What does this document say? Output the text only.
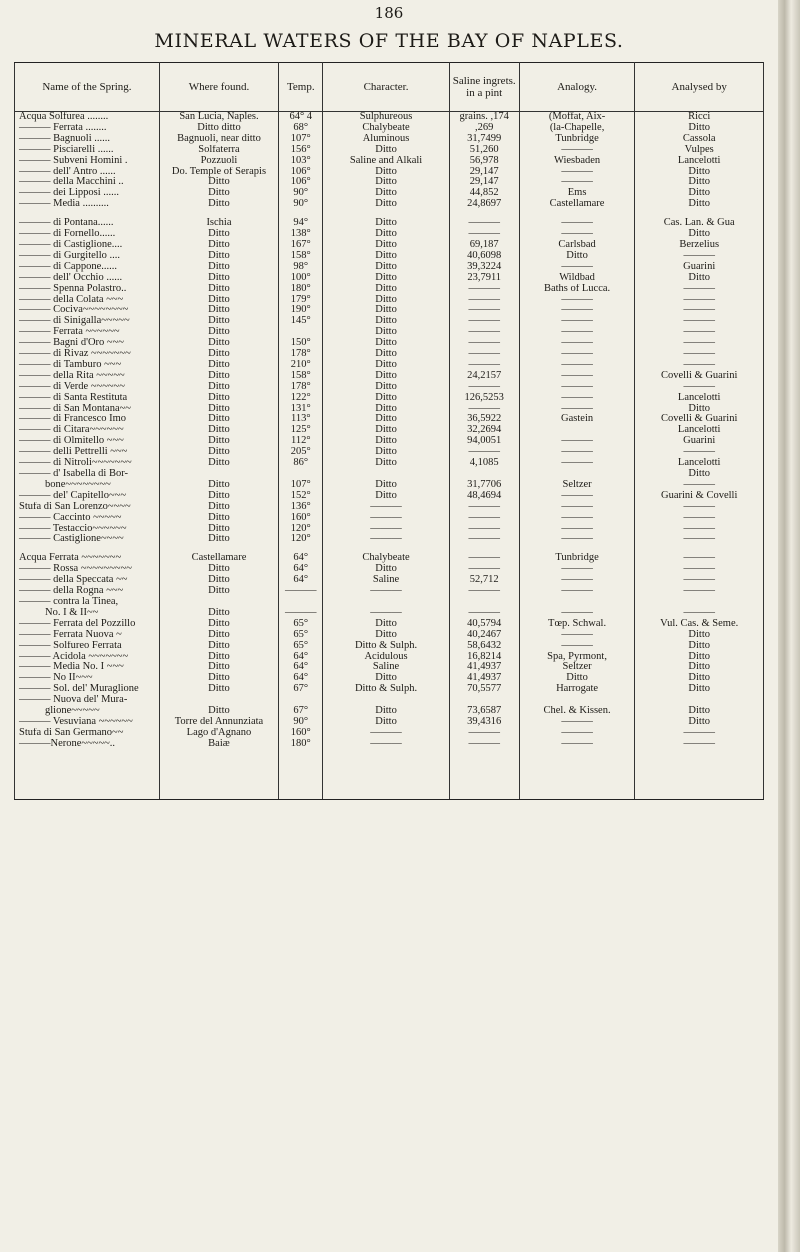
186
MINERAL WATERS OF THE BAY OF NAPLES.
Name of the Spring.	Where found.	Temp.	Character.	Saline ingrets. in a pint	Analogy.	Analysed by
Acqua Solfurea ........	San Lucia, Naples.	64° 4	Sulphureous	grains. ,174	(Moffat, Aix-	Ricci
——— Ferrata ........	Ditto ditto	68°	Chalybeate	,269	(la-Chapelle,	Ditto
——— Bagnuoli ......	Bagnuoli, near ditto	107°	Aluminous	31,7499	Tunbridge	Cassola
——— Pisciarelli ......	Solfaterra	156°	Ditto	51,260	———	Vulpes
——— Subveni Homini .	Pozzuoli	103°	Saline and Alkali	56,978	Wiesbaden	Lancelotti
——— dell' Antro ......	Do. Temple of Serapis	106°	Ditto	29,147	———	Ditto
——— della Macchini ..	Ditto	106°	Ditto	29,147	———	Ditto
——— dei Lipposi ......	Ditto	90°	Ditto	44,852	Ems	Ditto
——— Media ..........	Ditto	90°	Ditto	24,8697	Castellamare	Ditto

——— di Pontana......	Ischia	94°	Ditto	———	———	Cas. Lan. & Gua
——— di Fornello......	Ditto	138°	Ditto	———	———	Ditto
——— di Castiglione....	Ditto	167°	Ditto	69,187	Carlsbad	Berzelius
——— di Gurgitello ....	Ditto	158°	Ditto	40,6098	Ditto	———
——— di Cappone......	Ditto	98°	Ditto	39,3224	———	Guarini
——— dell' Occhio ......	Ditto	100°	Ditto	23,7911	Wildbad	Ditto
——— Spenna Polastro..	Ditto	180°	Ditto	———	Baths of Lucca.	———
——— della Colata ~~~	Ditto	179°	Ditto	———	———	———
——— Cociva~~~~~~~~	Ditto	190°	Ditto	———	———	———
——— di Sinigalla~~~~~	Ditto	145°	Ditto	———	———	———
——— Ferrata ~~~~~~	Ditto		Ditto	———	———	———
——— Bagni d'Oro ~~~	Ditto	150°	Ditto	———	———	———
——— di Rivaz ~~~~~~~	Ditto	178°	Ditto	———	———	———
——— di Tamburo ~~~	Ditto	210°	Ditto	———	———	———
——— della Rita ~~~~~	Ditto	158°	Ditto	24,2157	———	Covelli & Guarini
——— di Verde ~~~~~~	Ditto	178°	Ditto	———	———	———
——— di Santa Restituta	Ditto	122°	Ditto	126,5253	———	Lancelotti
——— di San Montana~~	Ditto	131°	Ditto	———	———	Ditto
——— di Francesco Imo	Ditto	113°	Ditto	36,5922	Gastein	Covelli & Guarini
——— di Citara~~~~~~	Ditto	125°	Ditto	32,2694		Lancelotti
——— di Olmitello ~~~	Ditto	112°	Ditto	94,0051	———	Guarini
——— delli Pettrelli ~~~	Ditto	205°	Ditto	———	———	———
——— di Nitroli~~~~~~~	Ditto	86°	Ditto	4,1085	———	Lancelotti
——— d' Isabella di Bor-						Ditto
bone~~~~~~~~	Ditto	107°	Ditto	31,7706	Seltzer	———
——— del' Capitello~~~	Ditto	152°	Ditto	48,4694	———	Guarini & Covelli
Stufa di San Lorenzo~~~~	Ditto	136°	———	———	———	———
——— Caccinto ~~~~~	Ditto	160°	———	———	———	———
——— Testaccio~~~~~~	Ditto	120°	———	———	———	———
——— Castiglione~~~~	Ditto	120°	———	———	———	———

Acqua Ferrata ~~~~~~~	Castellamare	64°	Chalybeate	———	Tunbridge	———
——— Rossa ~~~~~~~~~	Ditto	64°	Ditto	———	———	———
——— della Speccata ~~	Ditto	64°	Saline	52,712	———	———
——— della Rogna ~~~	Ditto	———	———	———	———	———
——— contra la Tinea,						
No. I & II~~	Ditto	———	———	———	———	———
——— Ferrata del Pozzillo	Ditto	65°	Ditto	40,5794	Tœp. Schwal.	Vul. Cas. & Seme.
——— Ferrata Nuova ~	Ditto	65°	Ditto	40,2467	———	Ditto
——— Solfureo Ferrata	Ditto	65°	Ditto & Sulph.	58,6432	———	Ditto
——— Acidola ~~~~~~~	Ditto	64°	Acidulous	16,8214	Spa, Pyrmont,	Ditto
——— Media No. I ~~~	Ditto	64°	Saline	41,4937	Seltzer	Ditto
——— No II~~~	Ditto	64°	Ditto	41,4937	Ditto	Ditto
——— Sol. del' Muraglione	Ditto	67°	Ditto & Sulph.	70,5577	Harrogate	Ditto
——— Nuova del' Mura-						
glione~~~~~	Ditto	67°	Ditto	73,6587	Chel. & Kissen.	Ditto
——— Vesuviana ~~~~~~	Torre del Annunziata	90°	Ditto	39,4316	———	Ditto
Stufa di San Germano~~	Lago d'Agnano	160°	———	———	———	———
———Nerone~~~~~..	Baiæ	180°	———	———	———	———
